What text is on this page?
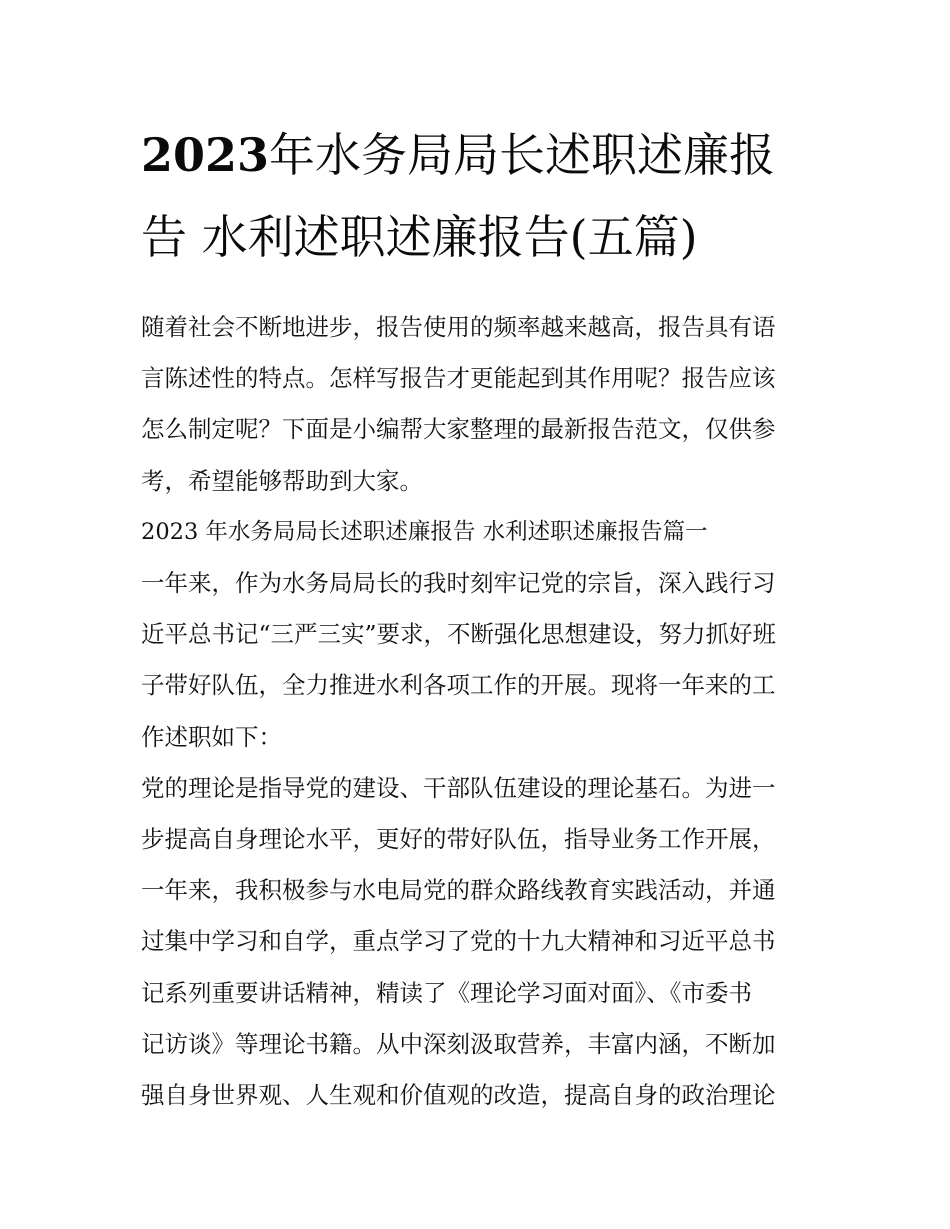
2023年水务局局长述职述廉报
告 水利述职述廉报告(五篇)

随着社会不断地进步，报告使用的频率越来越高，报告具有语

言陈述性的特点。怎样写报告才更能起到其作用呢？报告应该

怎么制定呢？下面是小编帮大家整理的最新报告范文，仅供参

考，希望能够帮助到大家。

2023 年水务局局长述职述廉报告 水利述职述廉报告篇一

一年来，作为水务局局长的我时刻牢记党的宗旨，深入践行习

近平总书记“三严三实”要求，不断强化思想建设，努力抓好班

子带好队伍，全力推进水利各项工作的开展。现将一年来的工

作述职如下：

党的理论是指导党的建设、干部队伍建设的理论基石。为进一

步提高自身理论水平，更好的带好队伍，指导业务工作开展，

一年来，我积极参与水电局党的群众路线教育实践活动，并通

过集中学习和自学，重点学习了党的十九大精神和习近平总书

记系列重要讲话精神，精读了《理论学习面对面》、《市委书

记访谈》等理论书籍。从中深刻汲取营养，丰富内涵，不断加

强自身世界观、人生观和价值观的改造，提高自身的政治理论
